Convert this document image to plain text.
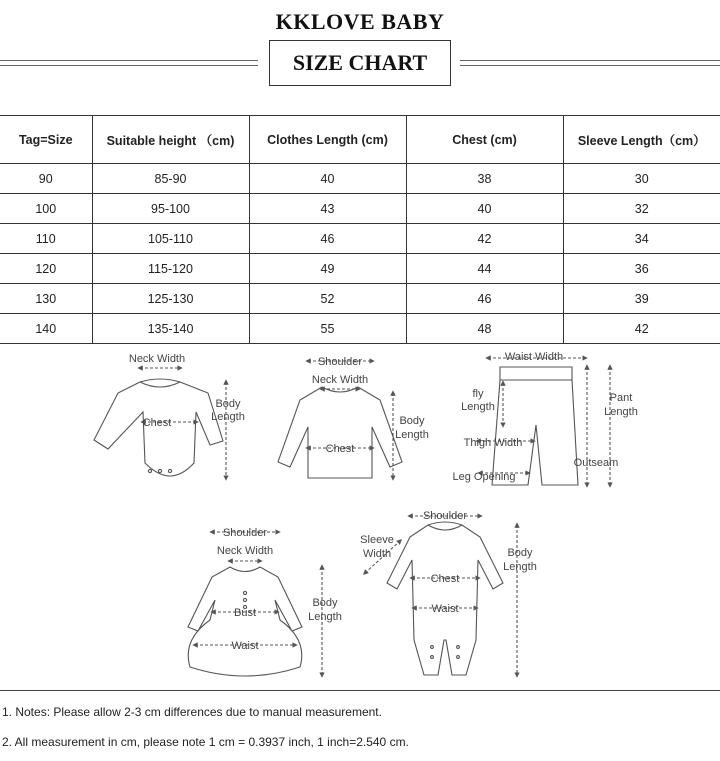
KKLOVE BABY
SIZE CHART
Tag=Size	Suitable height （cm)	Clothes Length (cm)	Chest (cm)	Sleeve Length（cm）
90	85-90	40	38	30
100	95-100	43	40	32
110	105-110	46	42	34
120	115-120	49	44	36
130	125-130	52	46	39
140	135-140	55	48	42
Neck Width
Chest
Body
Length
Shoulder
Neck Width
Chest
Body
Length
Waist Width
fly
Length
Pant
Length
Thigh Width
Outseam
Leg Opening
Shoulder
Neck Width
Bust
Waist
Body
Length
Shoulder
Sleeve
Width
Chest
Waist
Body
Length
1. Notes: Please allow 2-3 cm differences due to manual measurement.
2. All measurement in cm, please note 1 cm = 0.3937 inch, 1 inch=2.540 cm.
